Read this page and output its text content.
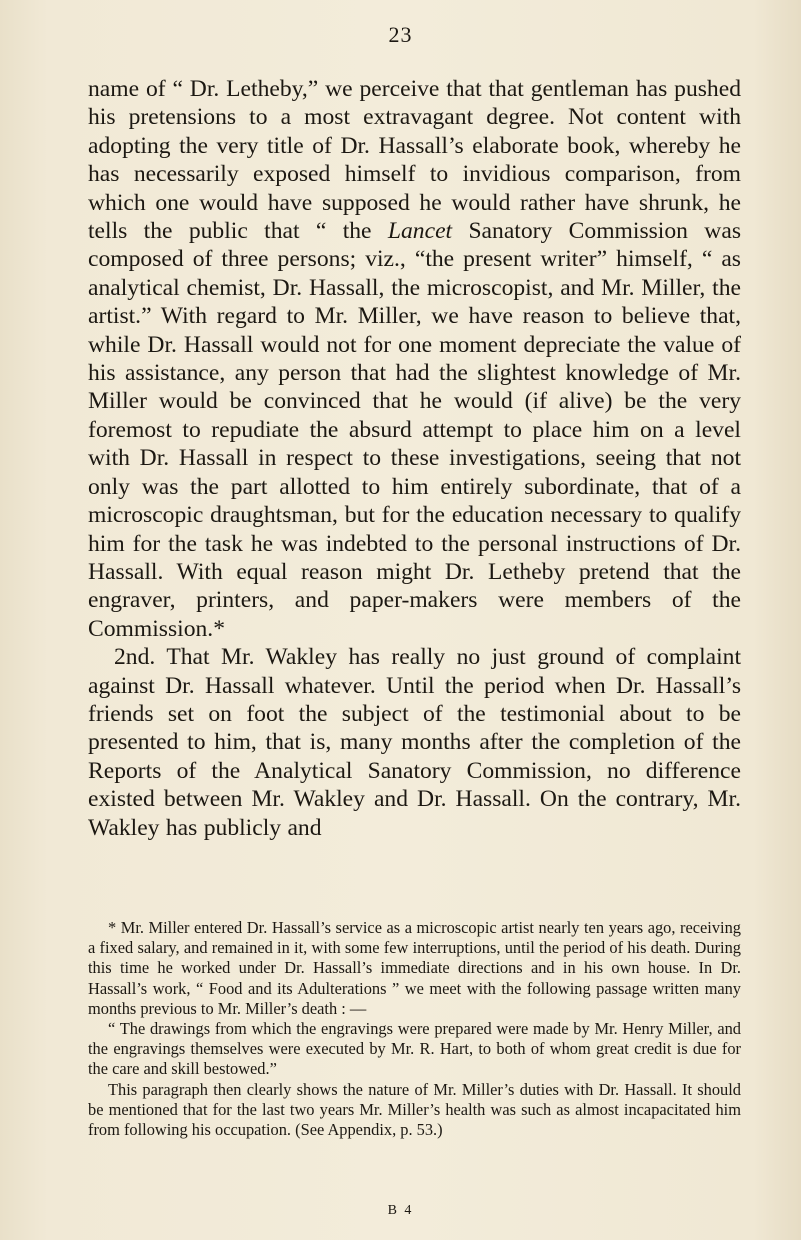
23

name of “ Dr. Letheby,” we perceive that that gentleman has pushed his pretensions to a most extravagant degree. Not content with adopting the very title of Dr. Hassall’s elaborate book, whereby he has necessarily exposed himself to invidious comparison, from which one would have supposed he would rather have shrunk, he tells the public that “ the Lancet Sanatory Commission was composed of three persons; viz., “the present writer” himself, “ as analytical chemist, Dr. Hassall, the microscopist, and Mr. Miller, the artist.” With regard to Mr. Miller, we have reason to believe that, while Dr. Hassall would not for one moment depreciate the value of his assistance, any person that had the slightest knowledge of Mr. Miller would be convinced that he would (if alive) be the very foremost to repudiate the absurd attempt to place him on a level with Dr. Hassall in respect to these investigations, seeing that not only was the part allotted to him entirely subordinate, that of a microscopic draughtsman, but for the education necessary to qualify him for the task he was indebted to the personal instructions of Dr. Hassall. With equal reason might Dr. Letheby pretend that the engraver, printers, and paper-makers were members of the Commission.*

2nd. That Mr. Wakley has really no just ground of complaint against Dr. Hassall whatever. Until the period when Dr. Hassall’s friends set on foot the subject of the testimonial about to be presented to him, that is, many months after the completion of the Reports of the Analytical Sanatory Commission, no difference existed between Mr. Wakley and Dr. Hassall. On the contrary, Mr. Wakley has publicly and

* Mr. Miller entered Dr. Hassall’s service as a microscopic artist nearly ten years ago, receiving a fixed salary, and remained in it, with some few interruptions, until the period of his death. During this time he worked under Dr. Hassall’s immediate directions and in his own house. In Dr. Hassall’s work, “ Food and its Adulterations ” we meet with the following passage written many months previous to Mr. Miller’s death : —

“ The drawings from which the engravings were prepared were made by Mr. Henry Miller, and the engravings themselves were executed by Mr. R. Hart, to both of whom great credit is due for the care and skill bestowed.”

This paragraph then clearly shows the nature of Mr. Miller’s duties with Dr. Hassall. It should be mentioned that for the last two years Mr. Miller’s health was such as almost incapacitated him from following his occupation. (See Appendix, p. 53.)

B 4
